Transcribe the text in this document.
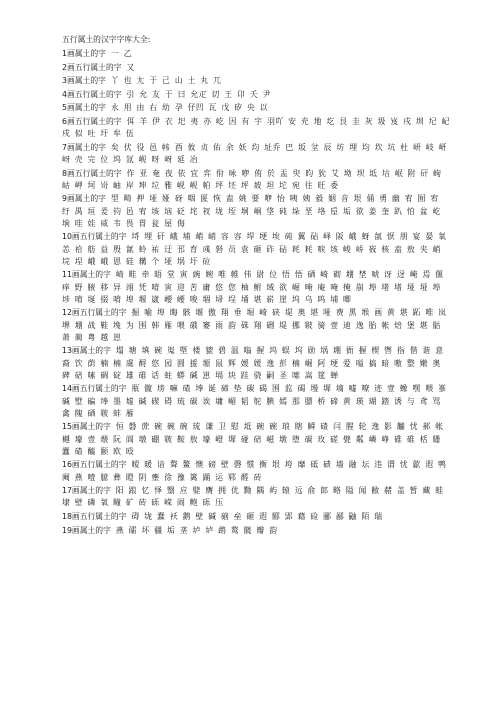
五行属土的汉字字库大全:
1画属土的字 一 乙
2画五行属土的字 又
3画属土的字 丫 也 尢 于 己 山 土 丸 兀
4画五行属土的字 引 允 友 于 曰 允疋 切 王 卬 夭 尹
5画属土的字 永 用 由 右 幼 孕 仔凹 瓦 戊 矽 央 以
6画五行属土的字 佴 羊 伊 衣 圯 夷 亦 屹 因 有 宇 羽吖 安 充 地 圪 艮 圭 灰 圾 岌 戌 圳 圮 屺 戍 似 吐 圩 牟 伍
7画属土的字 矣 伏 役 邑 帏 酉 攸 贞 佑 余 妖 均 址乔 巴 坂 坌 辰 坊 埋 均 坎 坑 杜 岍 岐 岍 岈 壳 完 位 坞 氙 岘 呀 岈 延 冶
8画五行属土的字 作 亚 奄 夜 依 宜 弈 佾 咏 咿 侑 於 盂 臾 昀 狁 艾 坳 坝 坻 坫 岷 附 矸 岣 岵 岬 坷 岢 岫 岸 坤 垃 雅 岘 岘 帕 坪 坯 坪 坡 坦 坨 宛 往 旺 委
9画属土的字 型 畸 押 垭 娅 砑 咽 匽 恢 盍 姚 要 咿 怡 咦 姨 毅 姻 音 垠 俑 勇 幽 宥 囿 宥 纡 禺 垣 爰 钧 邑 宥 垓 垴 砭 垞 衩 垅 垤 垌 峒 垡 砘 垛 垩 垎 垕 垢 欲 姜 奎 趴 怕 盆 屹 垧 哇 娃 威 韦 畏 胃 瓮 屋 侮
10画五行属土的字 埒 埋 矸 峨 埔 峭 峭 容 容 垾 埂 埃 砘 翼 砧 峄 阪 峨 蚜 氤 恹 朋 宴 晏 氧 恙 祫 舫 益 殷 氤 蛉 祐 迂 邘 育 彧 砮 员 袁 砸 砟 砧 耗 耗 唳 垓 峻 峤 峳 核 盍 敖 夹 峭 垸 埕 峨 峨 恩 硅 耩 个 垭 埚 圩 砬
11画属土的字 崎 畦 牵 晤 堂 寅 豌 婉 唯 帷 伟 尉 位 悟 悟 硒 崎 砌 堋 埜 唬 讶 迓 崦 焉 偃 痒 野 腋 移 异 翊 凭 唷 寅 迎 苦 庸 悠 您 柚 鲋 域 欲 崛 唵 庵 唵 掩 崩 埠 堵 堵 垭 垭 埠 埗 唷 埏 掇 唷 埠 堰 崴 崾 崾 唆 堌 埽 埕 埇 堪 崭 崖 坞 乌 呜 埔 唧
12画五行属土的字 掘 喻 埠 晦 骸 堰 傲 翔 垂 堀 崎 硖 堤 奥 堪 哑 费 黑 堠 画 黄 堪 跖 唯 岚 堺 堋 战 鞋 堍 为 围 韩 雁 喂 硪 窭 雨 韵 硃 翔 硎 堤 挪 皲 骑 壹 迪 逸 胎 帐 焙 堡 堪 骷 萧 蔺 粤 越 崽
13画属土的字 塌 塘 填 碗 嵬 塈 楼 貔 碧 温 嗡 握 坞 蜈 坞 勋 埚 堋 衙 握 楔 辔 指 偕 谐 意 裔 饮 荫 楠 楠 虞 酹 悠 园 圆 援 塬 鼠 辉 媛 媛 逸 彭 楠 崛 阿 埂 爱 嗌 搞 暗 嗷 整 嫩 奥 碑 碚 嗉 碉 碇 雄 碓 话 蛀 蟒 碱 崽 塥 块 跬 骁 嗣 圣 嗦 嵩 筵 蝉
14画五行属土的字 瓶 髋 塝 嘛 碴 埲 诞 碲 垫 碳 碣 围 监 碣 墁 墀 墒 嘘 嘹 迹 壹 蟓 嘿 喂 嵾 碱 墅 碥 埲 墨 墟 碱 碶 碍 琉 碳 诶 墉 嵋 韬 鸵 腆 嫣 那 膘 桥 碲 黄 瑛 瑚 踏 诱 与 鸢 骂 禽 隗 硒 皲 蚌 雁
15画属土的字 恒 磐 蔗 碗 碗 碗 琉 谦 卫 慰 坻 碗 碗 琅 瞎 瞬 碴 闫 腥 轮 逸 影 黼 忧 郝 帐 樾 壕 壹 煨 阮 阊 墩 硼 皲 鞍 敖 壕 嶝 墀 碰 碚 嵫 墩 堕 碳 玫 磋 甓 粼 嶙 峥 碓 碓 栝 皤 蠹 碴 醯 颐 欧 殴
16画五行属土的字 暧 暖 谙 聱 鳌 懊 磅 壁 磬 惯 衡 垠 垮 靡 砥 碛 墙 融 坛 违 谓 忧 歙 遐 鸭 阉 燕 噎 臆 彝 瞪 阴 壅 徐 豫 篱 踊 运 郓 醛 砖
17画属土的字 阳 踉 忆 怿 翳 应 嬖 膺 拥 优 黝 隅 屿 辕 远 俞 郎 略 隘 闻 敝 赭 盖 暂 藏 蛙 埭 壁 磷 氧 疃 矿 砖 砾 嵘 闹 鲍 砾 压
18画五行属土的字 碍 垅 蠢 袄 鹅 壁 碱 硇 垒 砸 遐 郾 郢 藉 硷 郦 鄙 鼬 陌 瑞
19画属土的字 燕 礌 坏 疆 垢 垄 垆 垆 鹉 鹜 髋 瓣 韵
